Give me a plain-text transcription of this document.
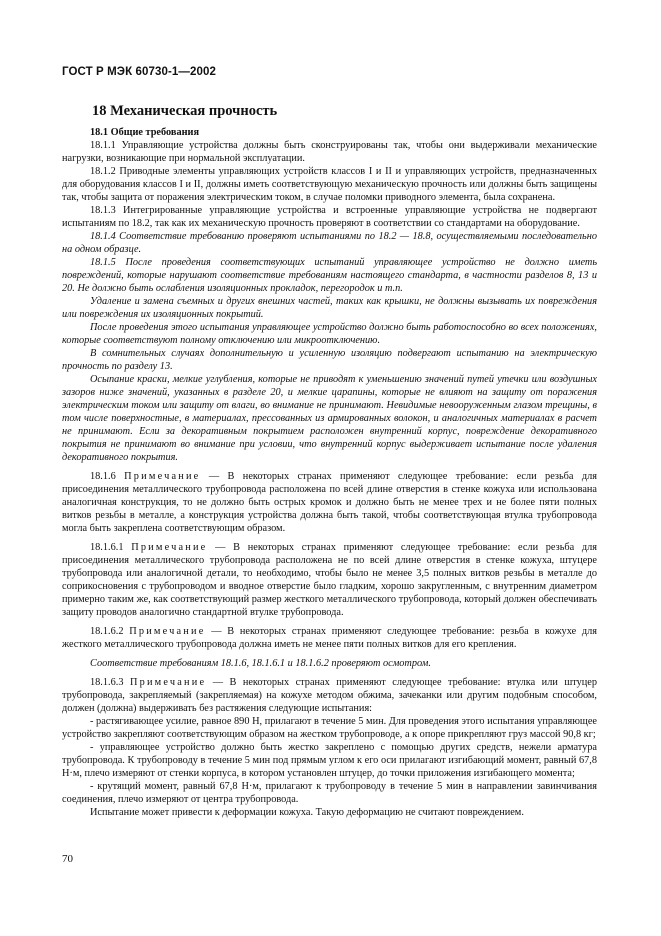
ГОСТ Р МЭК 60730-1—2002
18 Механическая прочность

18.1 Общие требования

18.1.1 Управляющие устройства должны быть сконструированы так, чтобы они выдерживали механические нагрузки, возникающие при нормальной эксплуатации.

18.1.2 Приводные элементы управляющих устройств классов I и II и управляющих устройств, предназначенных для оборудования классов I и II, должны иметь соответствующую механическую прочность или должны быть защищены так, чтобы защита от поражения электрическим током, в случае поломки приводного элемента, была сохранена.

18.1.3 Интегрированные управляющие устройства и встроенные управляющие устройства не подвергают испытаниям по 18.2, так как их механическую прочность проверяют в соответствии со стандартами на оборудование.

18.1.4 Соответствие требованию проверяют испытаниями по 18.2 — 18.8, осуществляемыми последовательно на одном образце.

18.1.5 После проведения соответствующих испытаний управляющее устройство не должно иметь повреждений, которые нарушают соответствие требованиям настоящего стандарта, в частности разделов 8, 13 и 20. Не должно быть ослабления изоляционных прокладок, перегородок и т.п.

Удаление и замена съемных и других внешних частей, таких как крышки, не должны вызывать их повреждения или повреждения их изоляционных покрытий.

После проведения этого испытания управляющее устройство должно быть работоспособно во всех положениях, которые соответствуют полному отключению или микроотключению.

В сомнительных случаях дополнительную и усиленную изоляцию подвергают испытанию на электрическую прочность по разделу 13.

Осыпание краски, мелкие углубления, которые не приводят к уменьшению значений путей утечки или воздушных зазоров ниже значений, указанных в разделе 20, и мелкие царапины, которые не влияют на защиту от поражения электрическим током или защиту от влаги, во внимание не принимают. Невидимые невооруженным глазом трещины, в том числе поверхностные, в материалах, прессованных из армированных волокон, и аналогичных материалах в расчет не принимают. Если за декоративным покрытием расположен внутренний корпус, повреждение декоративного покрытия не принимают во внимание при условии, что внутренний корпус выдерживает испытание после удаления декоративного покрытия.

18.1.6 Примечание — В некоторых странах применяют следующее требование: если резьба для присоединения металлического трубопровода расположена по всей длине отверстия в стенке кожуха или использована аналогичная конструкция, то не должно быть острых кромок и должно быть не менее трех и не более пяти полных витков резьбы в металле, а конструкция устройства должна быть такой, чтобы соответствующая втулка трубопровода могла быть закреплена соответствующим образом.

18.1.6.1 Примечание — В некоторых странах применяют следующее требование: если резьба для присоединения металлического трубопровода расположена не по всей длине отверстия в стенке кожуха, штуцере трубопровода или аналогичной детали, то необходимо, чтобы было не менее 3,5 полных витков резьбы в металле до соприкосновения с трубопроводом и вводное отверстие было гладким, хорошо закругленным, с внутренним диаметром примерно таким же, как соответствующий размер жесткого металлического трубопровода, который должен обеспечивать защиту проводов аналогично стандартной втулке трубопровода.

18.1.6.2 Примечание — В некоторых странах применяют следующее требование: резьба в кожухе для жесткого металлического трубопровода должна иметь не менее пяти полных витков для его крепления.

Соответствие требованиям 18.1.6, 18.1.6.1 и 18.1.6.2 проверяют осмотром.

18.1.6.3 Примечание — В некоторых странах применяют следующее требование: втулка или штуцер трубопровода, закрепляемый (закрепляемая) на кожухе методом обжима, зачеканки или другим подобным способом, должен (должна) выдерживать без растяжения следующие испытания:

- растягивающее усилие, равное 890 Н, прилагают в течение 5 мин. Для проведения этого испытания управляющее устройство закрепляют соответствующим образом на жестком трубопроводе, а к опоре прикрепляют груз массой 90,8 кг;

- управляющее устройство должно быть жестко закреплено с помощью других средств, нежели арматура трубопровода. К трубопроводу в течение 5 мин под прямым углом к его оси прилагают изгибающий момент, равный 67,8 Н·м, плечо измеряют от стенки корпуса, в котором установлен штуцер, до точки приложения изгибающего момента;

- крутящий момент, равный 67,8 Н·м, прилагают к трубопроводу в течение 5 мин в направлении завинчивания соединения, плечо измеряют от центра трубопровода.

Испытание может привести к деформации кожуха. Такую деформацию не считают повреждением.

70
